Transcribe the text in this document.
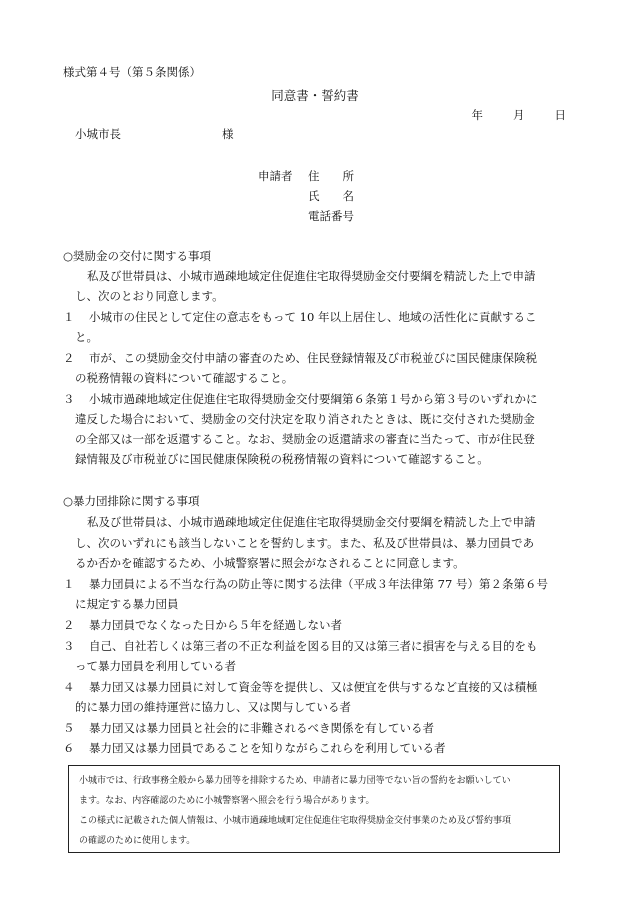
様式第４号（第５条関係）
同意書・誓約書
年	月	日
小城市長	様
申請者 住　　所
氏　　名
電話番号
○奨励金の交付に関する事項
私及び世帯員は、小城市過疎地域定住促進住宅取得奨励金交付要綱を精読した上で申請
し、次のとおり同意します。
１ 小城市の住民として定住の意志をもって 10 年以上居住し、地域の活性化に貢献するこ
と。
２ 市が、この奨励金交付申請の審査のため、住民登録情報及び市税並びに国民健康保険税
の税務情報の資料について確認すること。
３ 小城市過疎地域定住促進住宅取得奨励金交付要綱第６条第１号から第３号のいずれかに
違反した場合において、奨励金の交付決定を取り消されたときは、既に交付された奨励金
の全部又は一部を返還すること。なお、奨励金の返還請求の審査に当たって、市が住民登
録情報及び市税並びに国民健康保険税の税務情報の資料について確認すること。
○暴力団排除に関する事項
私及び世帯員は、小城市過疎地域定住促進住宅取得奨励金交付要綱を精読した上で申請
し、次のいずれにも該当しないことを誓約します。また、私及び世帯員は、暴力団員であ
るか否かを確認するため、小城警察署に照会がなされることに同意します。
１ 暴力団員による不当な行為の防止等に関する法律（平成３年法律第 77 号）第２条第６号
に規定する暴力団員
２ 暴力団員でなくなった日から５年を経過しない者
３ 自己、自社若しくは第三者の不正な利益を図る目的又は第三者に損害を与える目的をも
って暴力団員を利用している者
４ 暴力団又は暴力団員に対して資金等を提供し、又は便宜を供与するなど直接的又は積極
的に暴力団の維持運営に協力し、又は関与している者
５ 暴力団又は暴力団員と社会的に非難されるべき関係を有している者
６ 暴力団又は暴力団員であることを知りながらこれらを利用している者
小城市では、行政事務全般から暴力団等を排除するため、申請者に暴力団等でない旨の誓約をお願いしてい
ます。なお、内容確認のために小城警察署へ照会を行う場合があります。
この様式に記載された個人情報は、小城市過疎地域町定住促進住宅取得奨励金交付事業のため及び誓約事項
の確認のために使用します。
